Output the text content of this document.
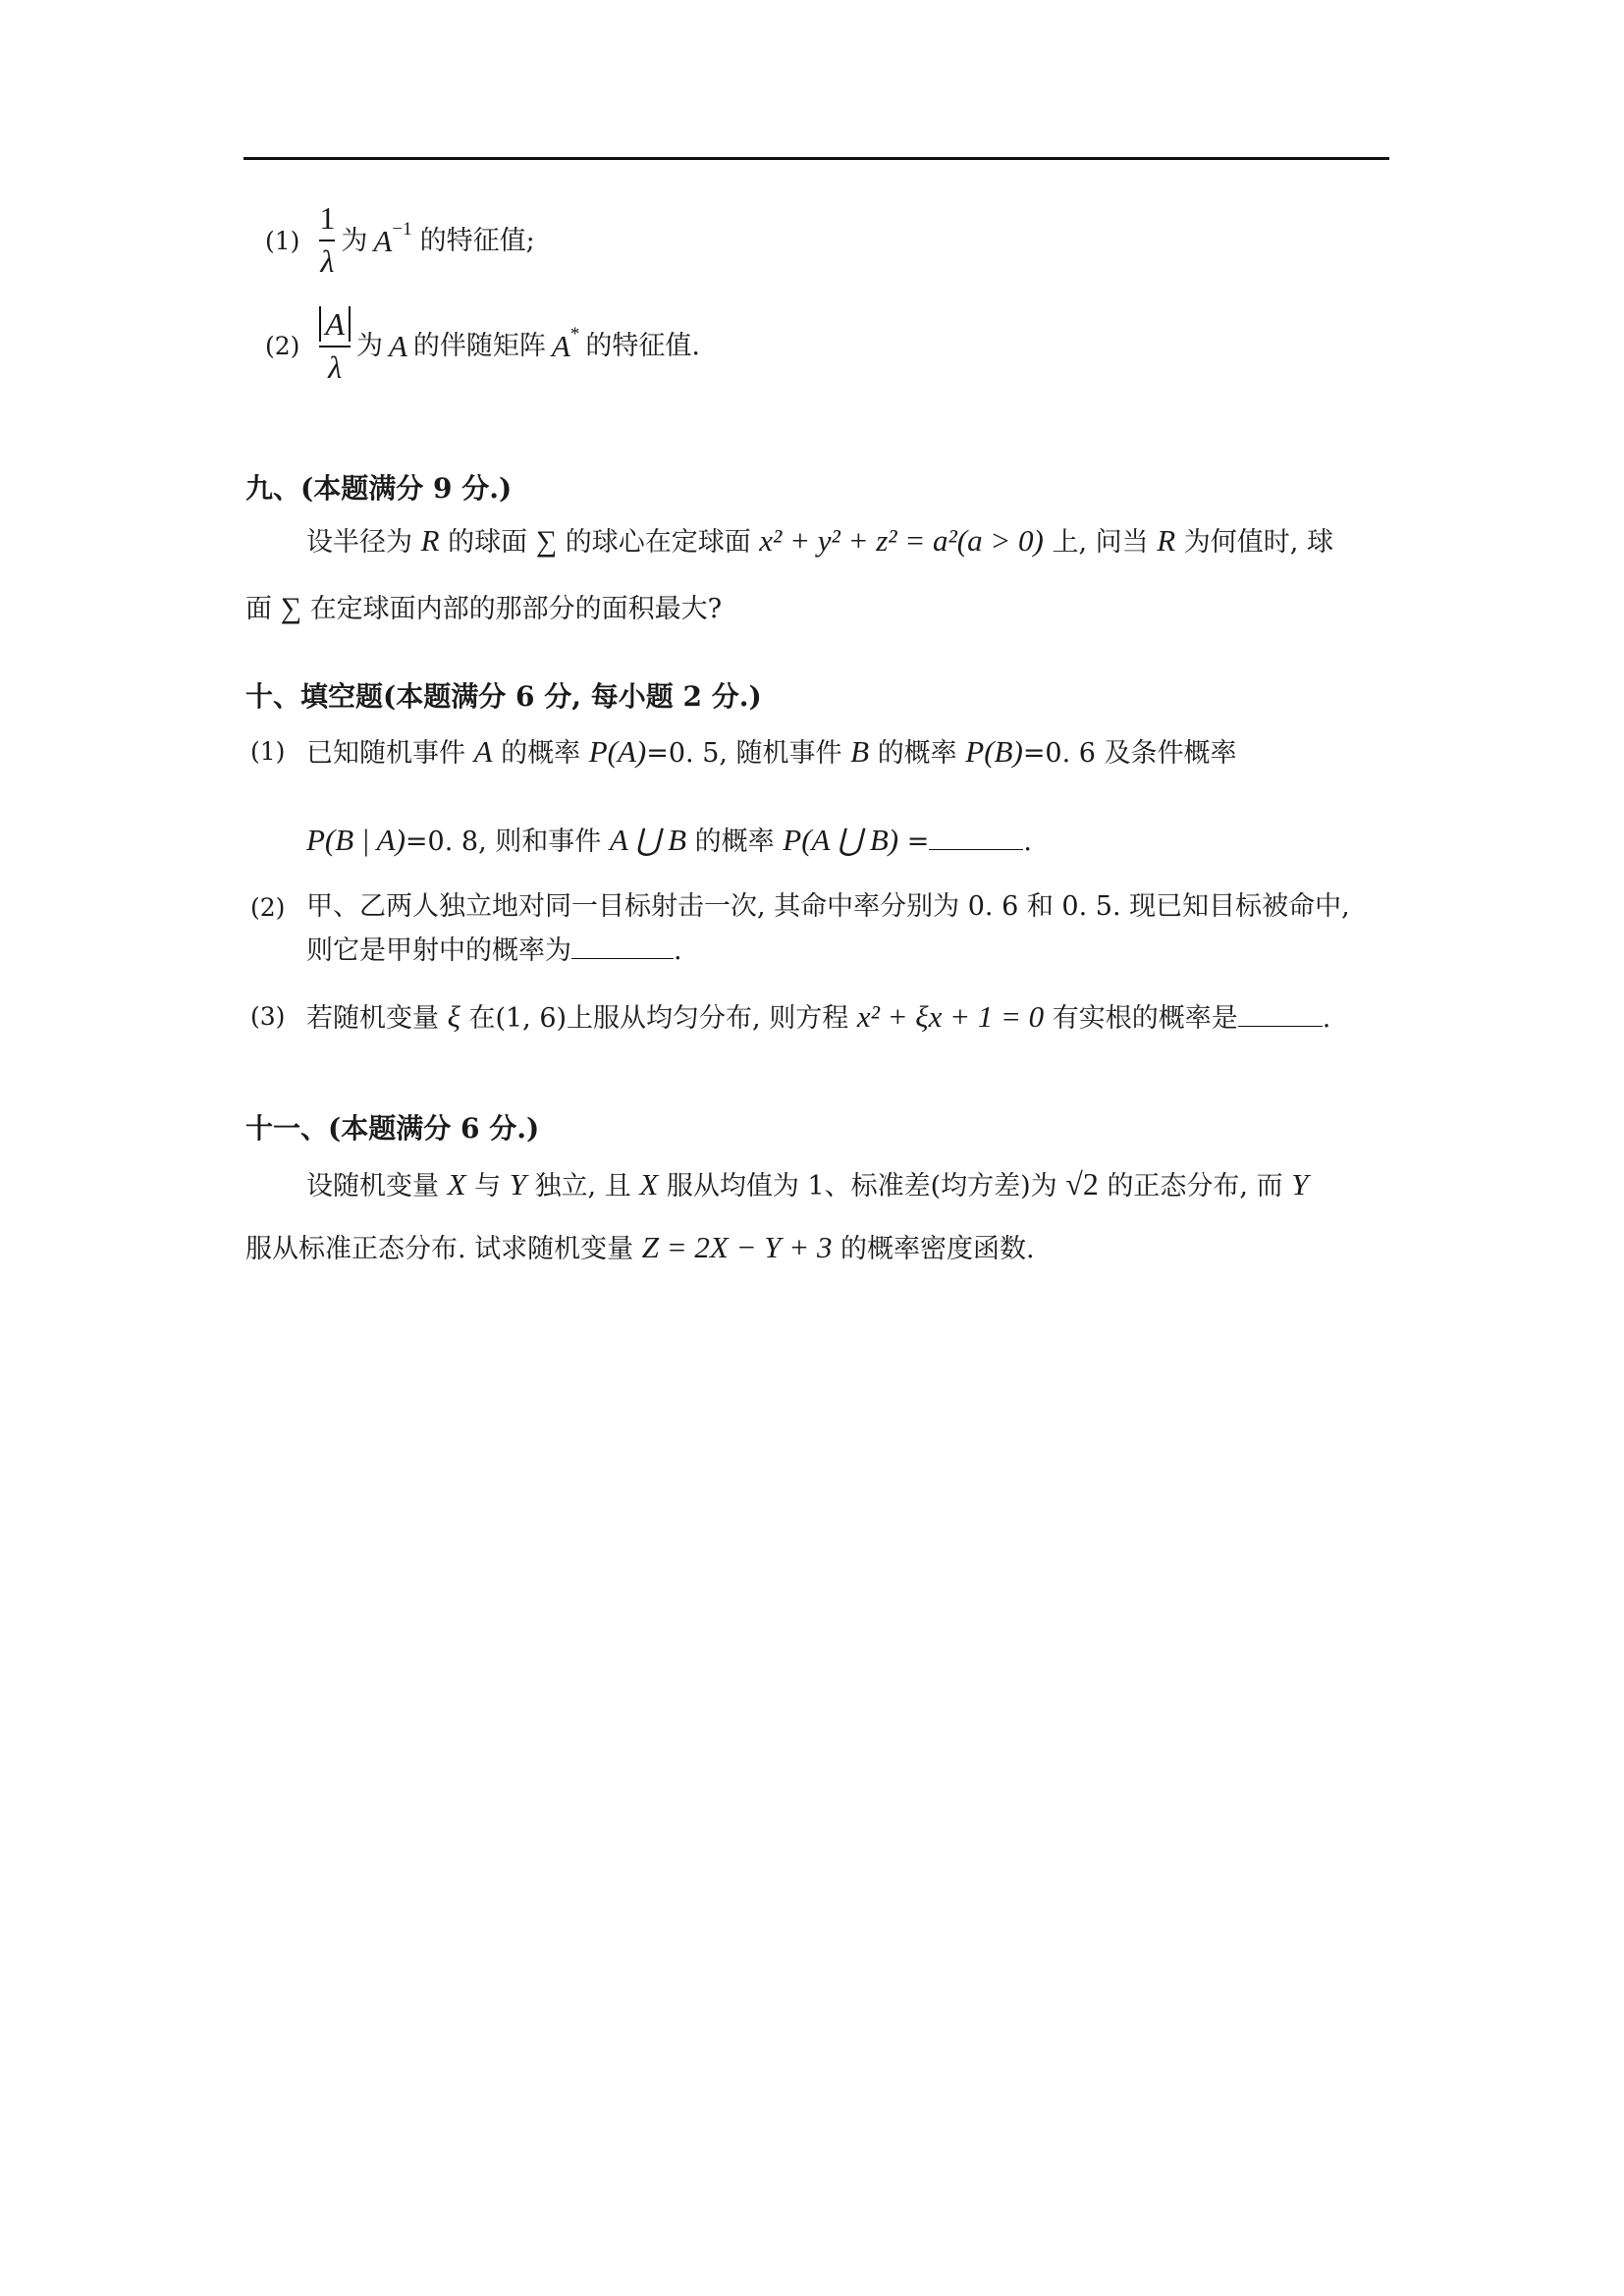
$(1) \frac{1}{\lambda}$ 为 $A^{-1}$ 的特征值;
$(2) \frac{A}{\lambda}$ 为 A 的伴随矩阵 A* 的特征值.
九、(本题满分 9 分.)
设半径为 R 的球面 ∑ 的球心在定球面 x² + y² + z² = a²(a > 0) 上, 问当 R 为何值时, 球
面 ∑ 在定球面内部的那部分的面积最大?
十、填空题(本题满分 6 分, 每小题 2 分.)
(1) 已知随机事件 A 的概率 P(A)=0. 5, 随机事件 B 的概率 P(B)=0. 6 及条件概率
P(B | A)=0. 8, 则和事件 A ⋃ B 的概率 P(A ⋃ B) =	.
(2) 甲、乙两人独立地对同一目标射击一次, 其命中率分别为 0. 6 和 0. 5. 现已知目标被命中,
则它是甲射中的概率为	.
(3) 若随机变量 ξ 在(1, 6)上服从均匀分布, 则方程 x² + ξx + 1 = 0 有实根的概率是	.
十一、(本题满分 6 分.)
设随机变量 X 与 Y 独立, 且 X 服从均值为 1、标准差(均方差)为 √2 的正态分布, 而 Y
服从标准正态分布. 试求随机变量 Z = 2X − Y + 3 的概率密度函数.
